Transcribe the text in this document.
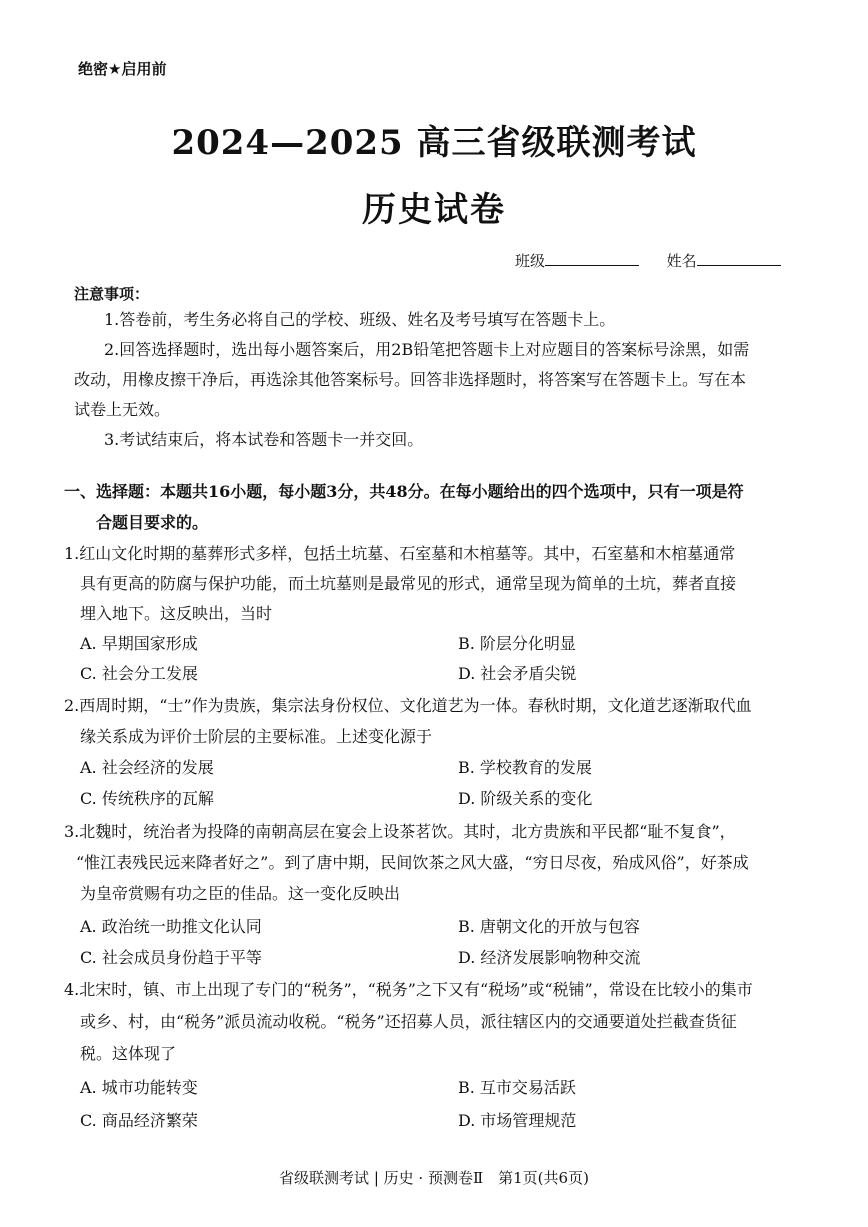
绝密★启用前
2024—2025 高三省级联测考试
历史试卷
班级	姓名
注意事项：
1.答卷前，考生务必将自己的学校、班级、姓名及考号填写在答题卡上。
2.回答选择题时，选出每小题答案后，用2B铅笔把答题卡上对应题目的答案标号涂黑，如需
改动，用橡皮擦干净后，再选涂其他答案标号。回答非选择题时，将答案写在答题卡上。写在本
试卷上无效。
3.考试结束后，将本试卷和答题卡一并交回。
一、选择题：本题共16小题，每小题3分，共48分。在每小题给出的四个选项中，只有一项是符
合题目要求的。
1.红山文化时期的墓葬形式多样，包括土坑墓、石室墓和木棺墓等。其中，石室墓和木棺墓通常
具有更高的防腐与保护功能，而土坑墓则是最常见的形式，通常呈现为简单的土坑，葬者直接
埋入地下。这反映出，当时
A. 早期国家形成	B. 阶层分化明显
C. 社会分工发展	D. 社会矛盾尖锐
2.西周时期，“士”作为贵族，集宗法身份权位、文化道艺为一体。春秋时期，文化道艺逐渐取代血
缘关系成为评价士阶层的主要标准。上述变化源于
A. 社会经济的发展	B. 学校教育的发展
C. 传统秩序的瓦解	D. 阶级关系的变化
3.北魏时，统治者为投降的南朝高层在宴会上设茶茗饮。其时，北方贵族和平民都“耻不复食”，
“惟江表残民远来降者好之”。到了唐中期，民间饮茶之风大盛，“穷日尽夜，殆成风俗”，好茶成
为皇帝赏赐有功之臣的佳品。这一变化反映出
A. 政治统一助推文化认同	B. 唐朝文化的开放与包容
C. 社会成员身份趋于平等	D. 经济发展影响物种交流
4.北宋时，镇、市上出现了专门的“税务”，“税务”之下又有“税场”或“税铺”，常设在比较小的集市
或乡、村，由“税务”派员流动收税。“税务”还招募人员，派往辖区内的交通要道处拦截查货征
税。这体现了
A. 城市功能转变	B. 互市交易活跃
C. 商品经济繁荣	D. 市场管理规范
省级联测考试 | 历史 · 预测卷Ⅱ　第1页(共6页)
